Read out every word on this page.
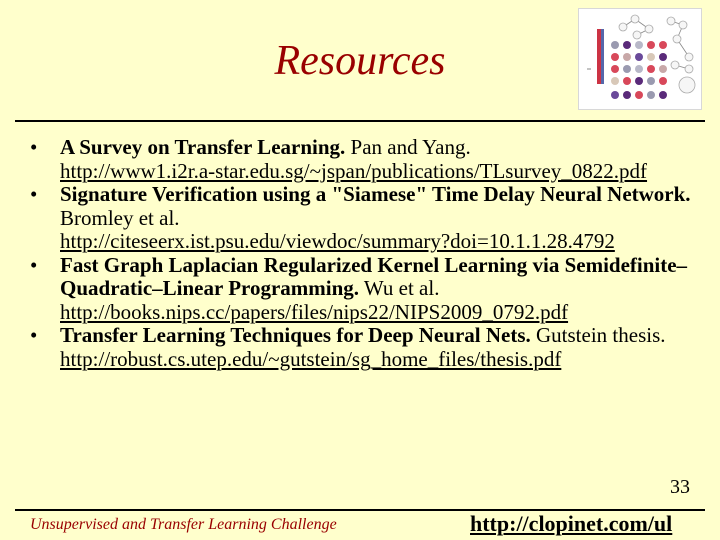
Resources
• A Survey on Transfer Learning. Pan and Yang.
http://www1.i2r.a-star.edu.sg/~jspan/publications/TLsurvey_0822.pdf
• Signature Verification using a "Siamese" Time Delay Neural Network. Bromley et al.
http://citeseerx.ist.psu.edu/viewdoc/summary?doi=10.1.1.28.4792
• Fast Graph Laplacian Regularized Kernel Learning via Semidefinite–Quadratic–Linear Programming. Wu et al.
http://books.nips.cc/papers/files/nips22/NIPS2009_0792.pdf
• Transfer Learning Techniques for Deep Neural Nets. Gutstein thesis.
http://robust.cs.utep.edu/~gutstein/sg_home_files/thesis.pdf
33
Unsupervised and Transfer Learning Challenge	http://clopinet.com/ul
